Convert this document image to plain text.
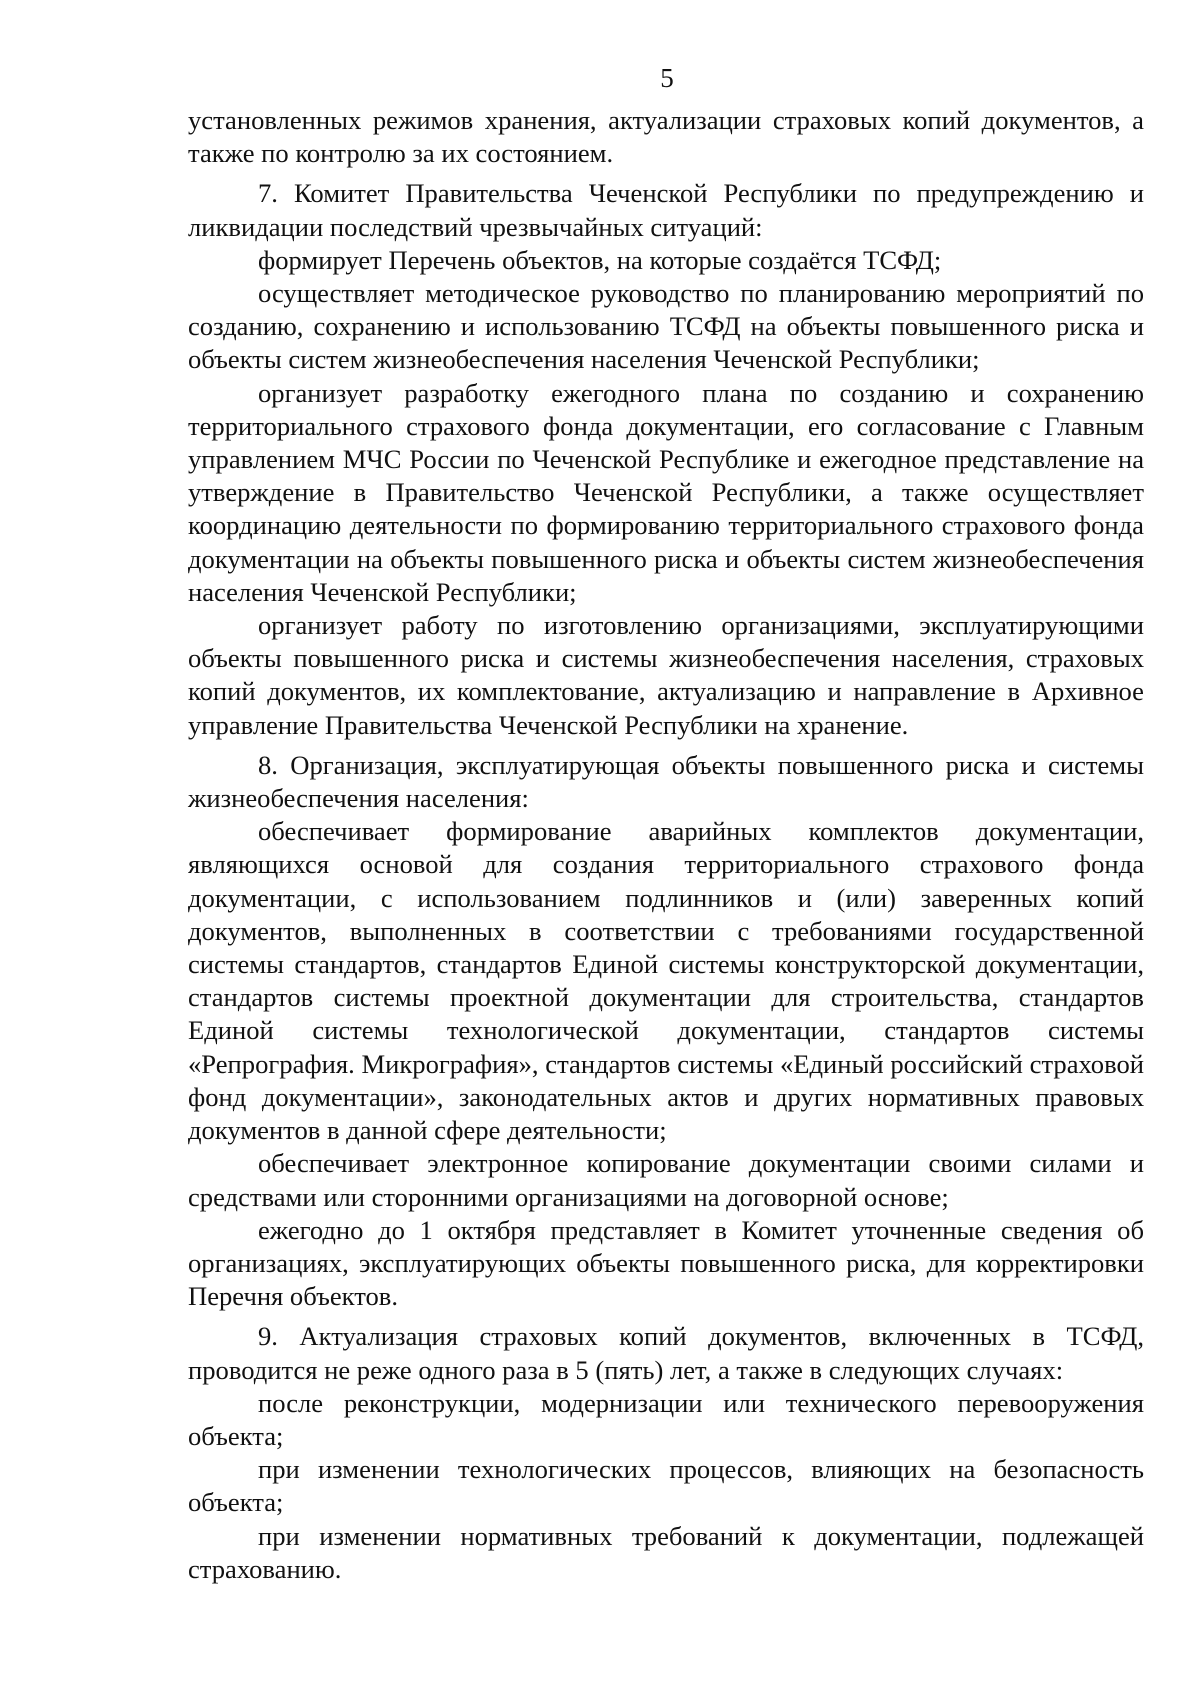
5

установленных режимов хранения, актуализации страховых копий документов, а также по контролю за их состоянием.

7. Комитет Правительства Чеченской Республики по предупреждению и ликвидации последствий чрезвычайных ситуаций:

формирует Перечень объектов, на которые создаётся ТСФД;

осуществляет методическое руководство по планированию мероприятий по созданию, сохранению и использованию ТСФД на объекты повышенного риска и объекты систем жизнеобеспечения населения Чеченской Республики;

организует разработку ежегодного плана по созданию и сохранению территориального страхового фонда документации, его согласование с Главным управлением МЧС России по Чеченской Республике и ежегодное представление на утверждение в Правительство Чеченской Республики, а также осуществляет координацию деятельности по формированию территориального страхового фонда документации на объекты повышенного риска и объекты систем жизнеобеспечения населения Чеченской Республики;

организует работу по изготовлению организациями, эксплуатирующими объекты повышенного риска и системы жизнеобеспечения населения, страховых копий документов, их комплектование, актуализацию и направление в Архивное управление Правительства Чеченской Республики на хранение.

8. Организация, эксплуатирующая объекты повышенного риска и системы жизнеобеспечения населения:

обеспечивает формирование аварийных комплектов документации, являющихся основой для создания территориального страхового фонда документации, с использованием подлинников и (или) заверенных копий документов, выполненных в соответствии с требованиями государственной системы стандартов, стандартов Единой системы конструкторской документации, стандартов системы проектной документации для строительства, стандартов Единой системы технологической документации, стандартов системы «Репрография. Микрография», стандартов системы «Единый российский страховой фонд документации», законодательных актов и других нормативных правовых документов в данной сфере деятельности;

обеспечивает электронное копирование документации своими силами и средствами или сторонними организациями на договорной основе;

ежегодно до 1 октября представляет в Комитет уточненные сведения об организациях, эксплуатирующих объекты повышенного риска, для корректировки Перечня объектов.

9. Актуализация страховых копий документов, включенных в ТСФД, проводится не реже одного раза в 5 (пять) лет, а также в следующих случаях:

после реконструкции, модернизации или технического перевооружения объекта;

при изменении технологических процессов, влияющих на безопасность объекта;

при изменении нормативных требований к документации, подлежащей страхованию.
